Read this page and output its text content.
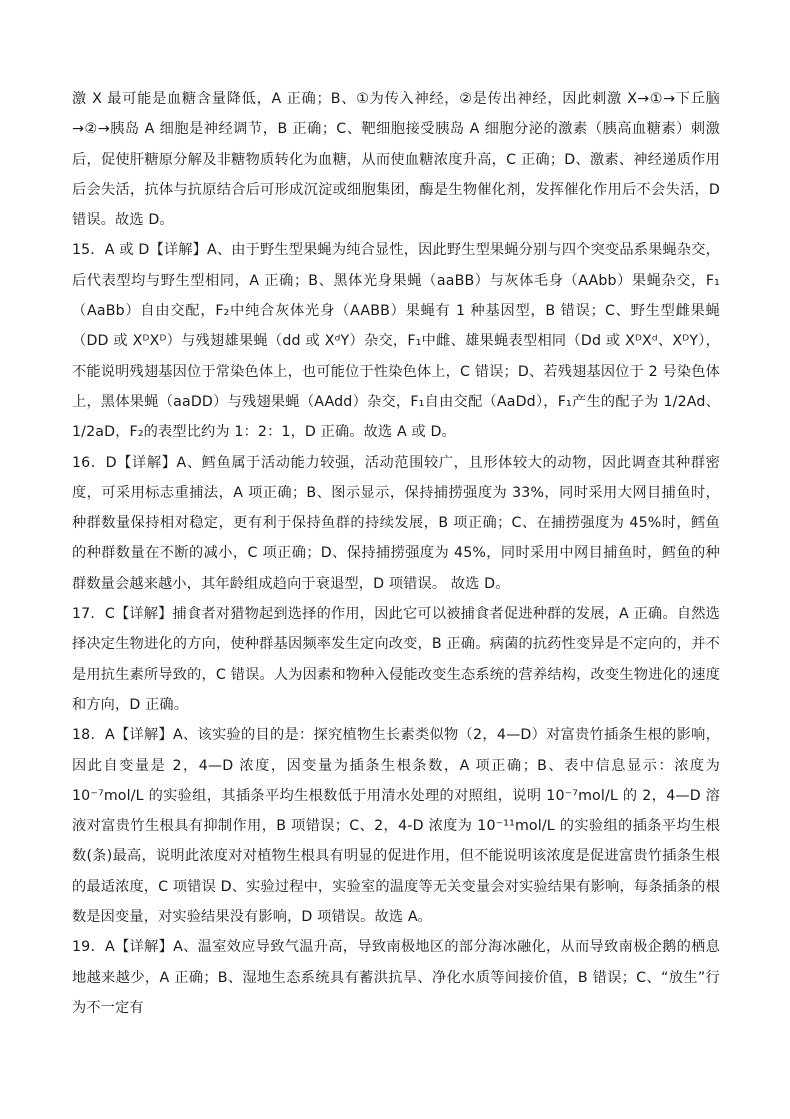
激 X 最可能是血糖含量降低，A 正确；B、①为传入神经，②是传出神经，因此刺激 X→①→下丘脑→②→胰岛 A 细胞是神经调节，B 正确；C、靶细胞接受胰岛 A 细胞分泌的激素（胰高血糖素）刺激后，促使肝糖原分解及非糖物质转化为血糖，从而使血糖浓度升高，C 正确；D、激素、神经递质作用后会失活，抗体与抗原结合后可形成沉淀或细胞集团，酶是生物催化剂，发挥催化作用后不会失活，D 错误。故选 D。

15．A 或 D【详解】A、由于野生型果蝇为纯合显性，因此野生型果蝇分别与四个突变品系果蝇杂交，后代表型均与野生型相同，A 正确；B、黑体光身果蝇（aaBB）与灰体毛身（AAbb）果蝇杂交，F₁（AaBb）自由交配，F₂中纯合灰体光身（AABB）果蝇有 1 种基因型，B 错误；C、野生型雌果蝇（DD 或 XᴰXᴰ）与残翅雄果蝇（dd 或 XᵈY）杂交，F₁中雌、雄果蝇表型相同（Dd 或 XᴰXᵈ、XᴰY），不能说明残翅基因位于常染色体上，也可能位于性染色体上，C 错误；D、若残翅基因位于 2 号染色体上，黑体果蝇（aaDD）与残翅果蝇（AAdd）杂交，F₁自由交配（AaDd），F₁产生的配子为 1/2Ad、1/2aD，F₂的表型比约为 1：2：1，D 正确。故选 A 或 D。

16．D【详解】A、鳕鱼属于活动能力较强，活动范围较广，且形体较大的动物，因此调查其种群密度，可采用标志重捕法，A 项正确；B、图示显示，保持捕捞强度为 33%，同时采用大网目捕鱼时，种群数量保持相对稳定，更有利于保持鱼群的持续发展，B 项正确；C、在捕捞强度为 45%时，鳕鱼的种群数量在不断的减小，C 项正确；D、保持捕捞强度为 45%，同时采用中网目捕鱼时，鳕鱼的种群数量会越来越小，其年龄组成趋向于衰退型，D 项错误。 故选 D。

17．C【详解】捕食者对猎物起到选择的作用，因此它可以被捕食者促进种群的发展，A 正确。自然选择决定生物进化的方向，使种群基因频率发生定向改变，B 正确。病菌的抗药性变异是不定向的，并不是用抗生素所导致的，C 错误。人为因素和物种入侵能改变生态系统的营养结构，改变生物进化的速度和方向，D 正确。

18．A【详解】A、该实验的目的是：探究植物生长素类似物（2，4—D）对富贵竹插条生根的影响，因此自变量是 2，4—D 浓度，因变量为插条生根条数，A 项正确；B、表中信息显示：浓度为 10⁻⁷mol/L 的实验组，其插条平均生根数低于用清水处理的对照组，说明 10⁻⁷mol/L 的 2，4—D 溶液对富贵竹生根具有抑制作用，B 项错误；C、2，4-D 浓度为 10⁻¹¹mol/L 的实验组的插条平均生根数(条)最高，说明此浓度对对植物生根具有明显的促进作用，但不能说明该浓度是促进富贵竹插条生根的最适浓度，C 项错误 D、实验过程中，实验室的温度等无关变量会对实验结果有影响，每条插条的根数是因变量，对实验结果没有影响，D 项错误。故选 A。

19．A【详解】A、温室效应导致气温升高，导致南极地区的部分海冰融化，从而导致南极企鹅的栖息地越来越少，A 正确；B、湿地生态系统具有蓄洪抗旱、净化水质等间接价值，B 错误；C、“放生”行为不一定有
